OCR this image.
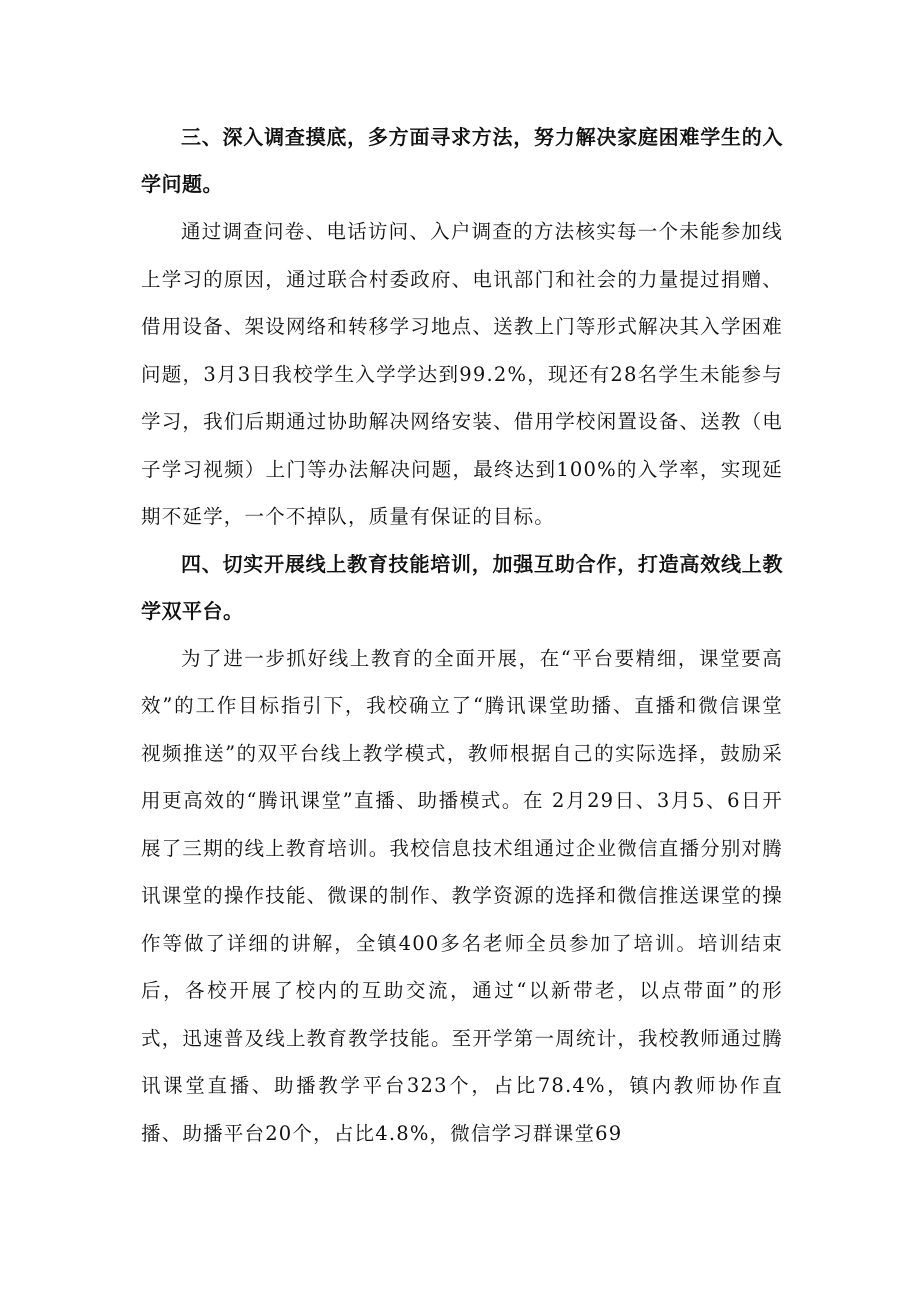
三、深入调查摸底，多方面寻求方法，努力解决家庭困难学生的入学问题。

通过调查问卷、电话访问、入户调查的方法核实每一个未能参加线上学习的原因，通过联合村委政府、电讯部门和社会的力量提过捐赠、借用设备、架设网络和转移学习地点、送教上门等形式解决其入学困难问题，3月3日我校学生入学学达到99.2%，现还有28名学生未能参与学习，我们后期通过协助解决网络安装、借用学校闲置设备、送教（电子学习视频）上门等办法解决问题，最终达到100%的入学率，实现延期不延学，一个不掉队，质量有保证的目标。

四、切实开展线上教育技能培训，加强互助合作，打造高效线上教学双平台。

为了进一步抓好线上教育的全面开展，在“平台要精细，课堂要高效”的工作目标指引下，我校确立了“腾讯课堂助播、直播和微信课堂视频推送”的双平台线上教学模式，教师根据自己的实际选择，鼓励采用更高效的“腾讯课堂”直播、助播模式。在 2月29日、3月5、6日开展了三期的线上教育培训。我校信息技术组通过企业微信直播分别对腾讯课堂的操作技能、微课的制作、教学资源的选择和微信推送课堂的操作等做了详细的讲解，全镇400多名老师全员参加了培训。培训结束后，各校开展了校内的互助交流，通过“以新带老，以点带面”的形式，迅速普及线上教育教学技能。至开学第一周统计，我校教师通过腾讯课堂直播、助播教学平台323个，占比78.4%，镇内教师协作直播、助播平台20个，占比4.8%，微信学习群课堂69
